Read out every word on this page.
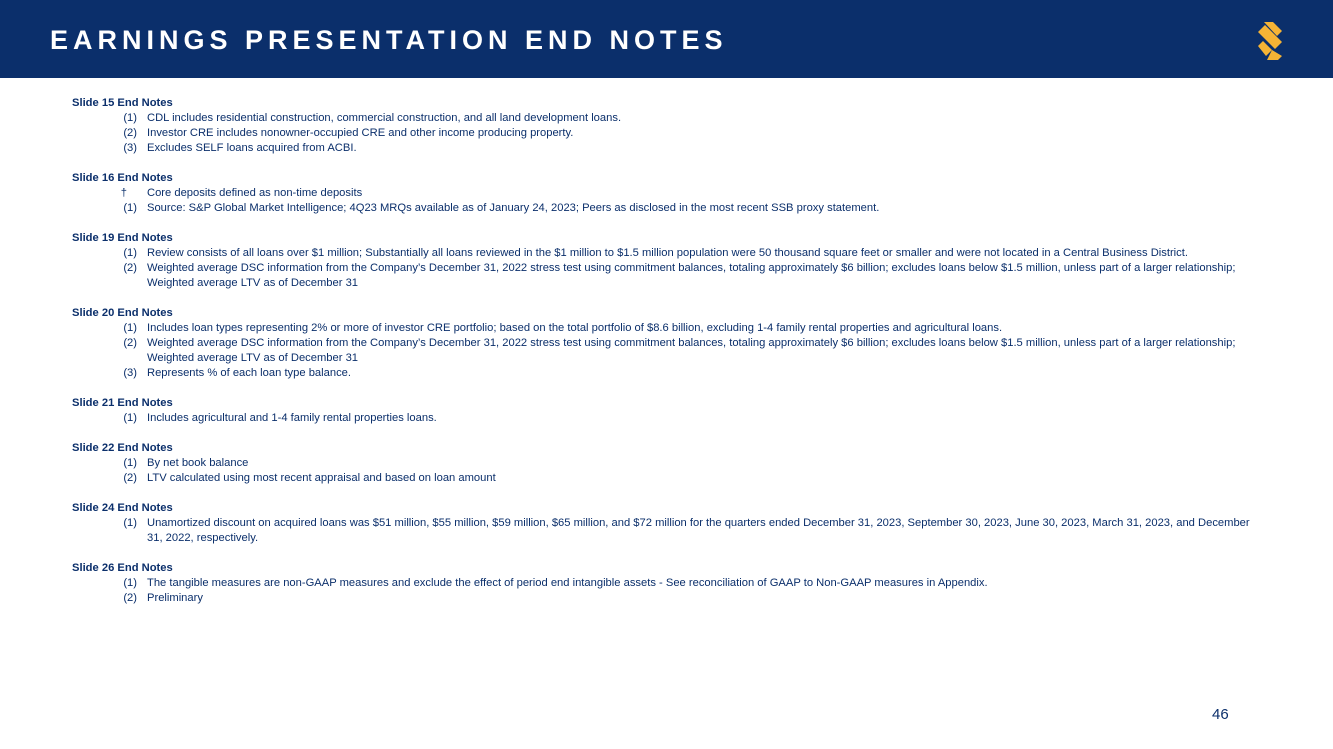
EARNINGS PRESENTATION END NOTES
Slide 15 End Notes
(1) CDL includes residential construction, commercial construction, and all land development loans.
(2) Investor CRE includes nonowner-occupied CRE and other income producing property.
(3) Excludes SELF loans acquired from ACBI.
Slide 16 End Notes
†	Core deposits defined as non-time deposits
(1) Source: S&P Global Market Intelligence; 4Q23 MRQs available as of January 24, 2023; Peers as disclosed in the most recent SSB proxy statement.
Slide 19 End Notes
(1) Review consists of all loans over $1 million; Substantially all loans reviewed in the $1 million to $1.5 million population were 50 thousand square feet or smaller and were not located in a Central Business District.
(2) Weighted average DSC information from the Company’s December 31, 2022 stress test using commitment balances, totaling approximately $6 billion; excludes loans below $1.5 million, unless part of a larger relationship; Weighted average LTV as of December 31
Slide 20 End Notes
(1) Includes loan types representing 2% or more of investor CRE portfolio; based on the total portfolio of $8.6 billion, excluding 1-4 family rental properties and agricultural loans.
(2) Weighted average DSC information from the Company’s December 31, 2022 stress test using commitment balances, totaling approximately $6 billion; excludes loans below $1.5 million, unless part of a larger relationship; Weighted average LTV as of December 31
(3) Represents % of each loan type balance.
Slide 21 End Notes
(1) Includes agricultural and 1-4 family rental properties loans.
Slide 22 End Notes
(1) By net book balance
(2) LTV calculated using most recent appraisal and based on loan amount
Slide 24 End Notes
(1) Unamortized discount on acquired loans was $51 million, $55 million, $59 million, $65 million, and $72 million for the quarters ended December 31, 2023, September 30, 2023, June 30, 2023, March 31, 2023, and December 31, 2022, respectively.
Slide 26 End Notes
(1) The tangible measures are non-GAAP measures and exclude the effect of period end intangible assets - See reconciliation of GAAP to Non-GAAP measures in Appendix.
(2) Preliminary
46
